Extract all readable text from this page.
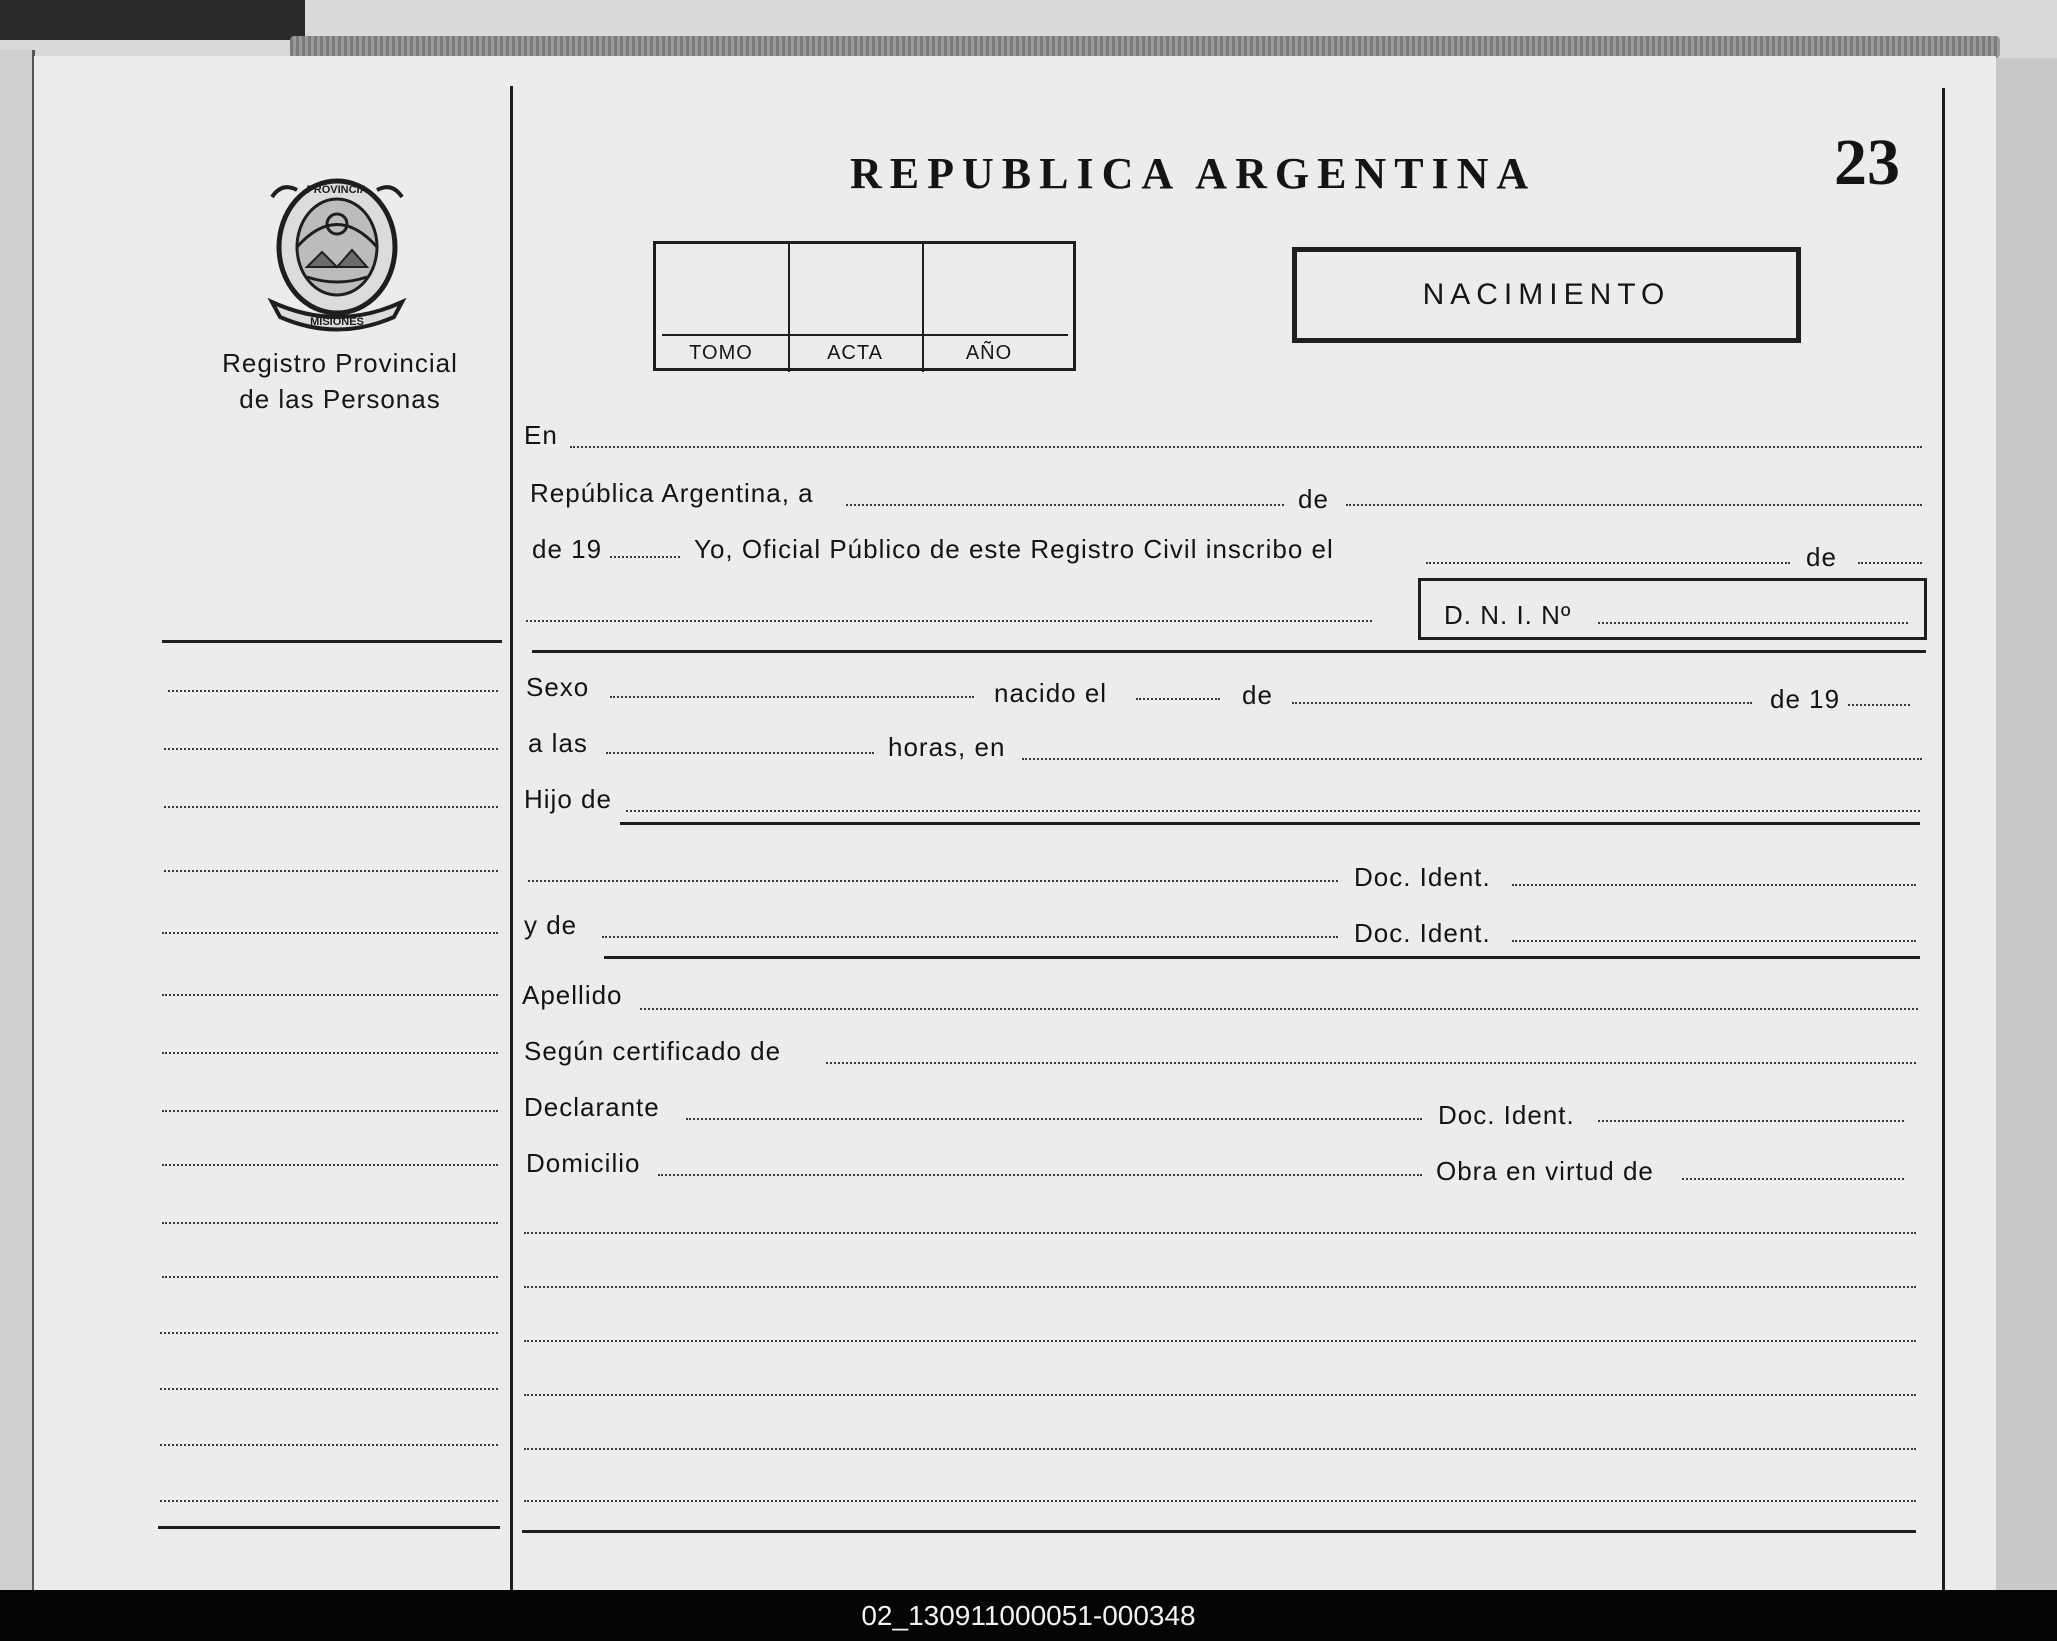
PROVINCIA
MISIONES
Registro Provincial
de las Personas
REPUBLICA ARGENTINA	23
TOMO	ACTA	AÑO
NACIMIENTO
En
República Argentina, a	de
de 19	Yo, Oficial Público de este Registro Civil inscribo el	de
D. N. I. Nº
Sexo	nacido el	de	de 19
a las	horas, en
Hijo de
Doc. Ident.
y de	Doc. Ident.
Apellido
Según certificado de
Declarante	Doc. Ident.
Domicilio	Obra en virtud de
02_130911000051-000348
